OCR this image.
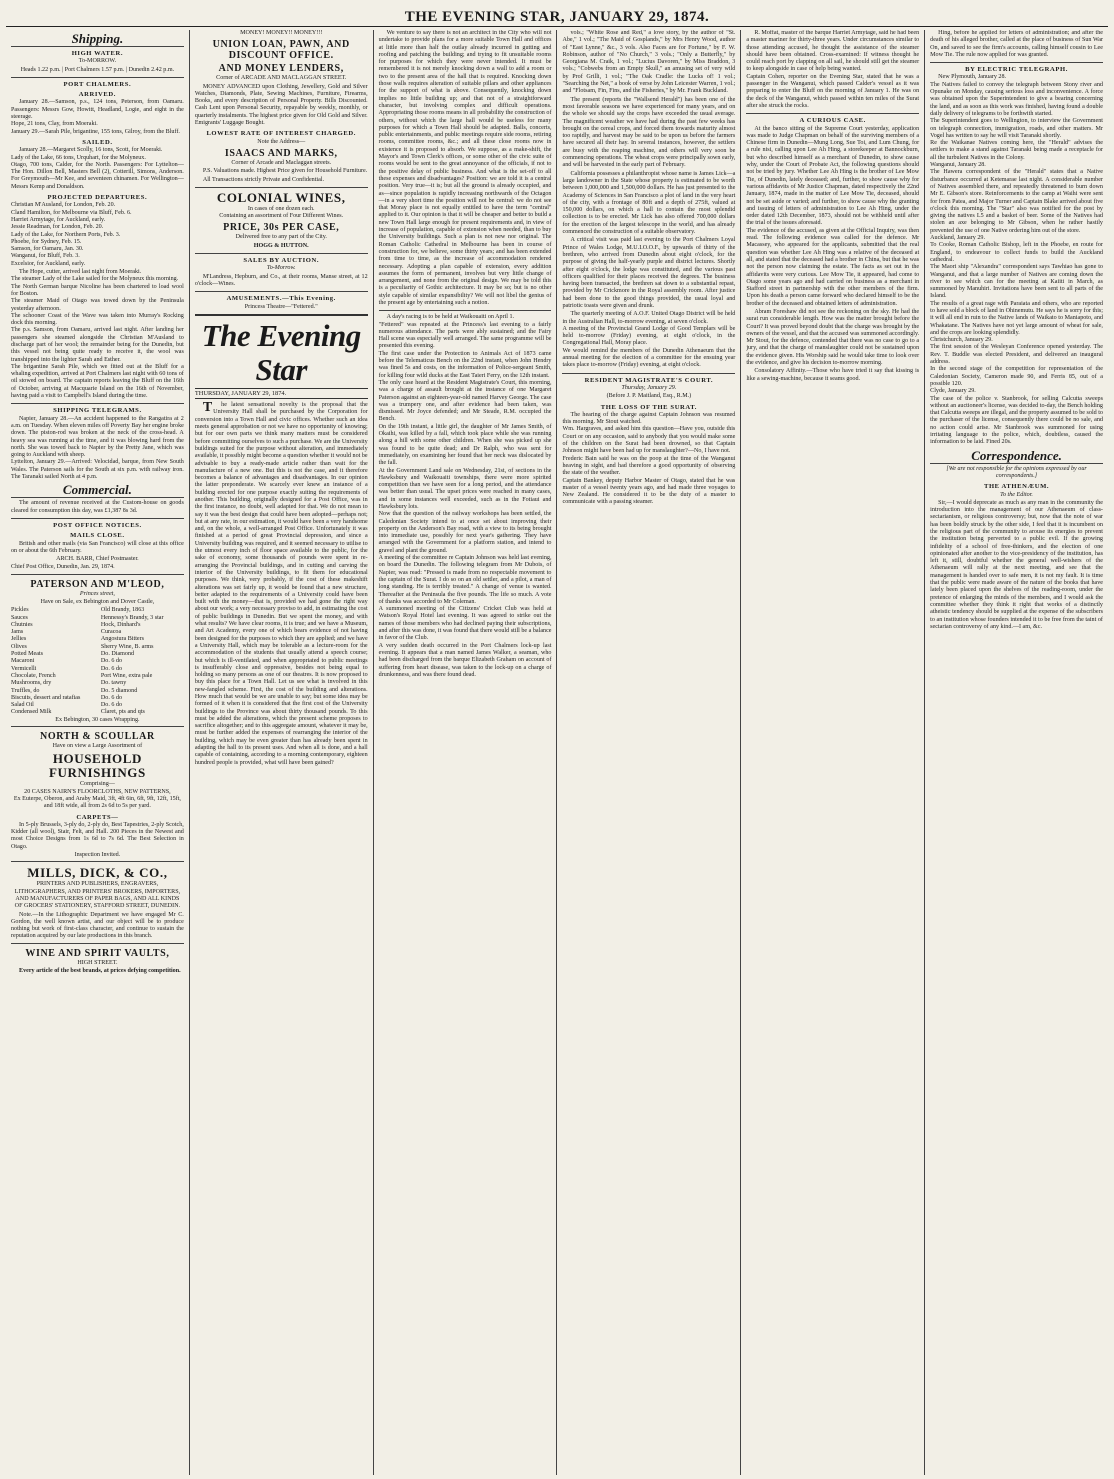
THE EVENING STAR, JANUARY 29, 1874.

Shipping.
HIGH WATER.

To-MORROW.

Heads 1.22 p.m. | Port Chalmers 1.57 p.m. | Dunedin 2.42 p.m.

PORT CHALMERS.
ARRIVED.

January 28.—Samson, p.s., 124 tons, Peterson, from Oamaru. Passengers: Messrs Gow, Howitt, Headland, Logie, and eight in the steerage.
Hope, 21 tons, Clay, from Moeraki.
January 29.—Sarah Pile, brigantine, 155 tons, Gilroy, from the Bluff.

SAILED.

January 28.—Margaret Scolly, 16 tons, Scott, for Moeraki.
Lady of the Lake, 66 tons, Urquhart, for the Molyneux.
Otago, 700 tons, Calder, for the North. Passengers: For Lyttelton—The Hon. Dillon Bell, Masters Bell (2), Cotterill, Simons, Anderson. For Greymouth—Mr Kee, and seventeen chinamen. For Wellington—Messrs Kemp and Donaldson.

PROJECTED DEPARTURES.

Christian M'Ausland, for London, Feb. 20.
Cland Hamilton, for Melbourne via Bluff, Feb. 6.
Harriet Armytage, for Auckland, early.
Jessie Readman, for London, Feb. 20.
Lady of the Lake, for Northern Ports, Feb. 3.
Phoebe, for Sydney, Feb. 15.
Samson, for Oamaru, Jan. 30.
Wanganui, for Bluff, Feb. 3.
Excelsior, for Auckland, early.

The Hope, cutter, arrived last night from Moeraki.
The steamer Lady of the Lake sailed for the Molyneux this morning.
The North German barque Nicoline has been chartered to load wool for Boston.
The steamer Maid of Otago was towed down by the Peninsula yesterday afternoon.
The schooner Coast of the Wave was taken into Murray's Rocking dock this morning.
The p.s. Samson, from Oamaru, arrived last night. After landing her passengers she steamed alongside the Christian M'Ausland to discharge part of her wool; the remainder being for the Dunedin, but this vessel not being quite ready to receive it, the wool was transhipped into the lighter Sarah and Esther.
The brigantine Sarah Pile, which we fitted out at the Bluff for a whaling expedition, arrived at Port Chalmers last night with 60 tons of oil stowed on board. The captain reports leaving the Bluff on the 16th of October, arriving at Macquarie Island on the 16th of November, having paid a visit to Campbell's Island during the time.

SHIPPING TELEGRAMS.

Napier, January 28.—An accident happened to the Rangatira at 2 a.m. on Tuesday. When eleven miles off Poverty Bay her engine broke down. The piston-rod was broken at the neck of the cross-head. A heavy sea was running at the time, and it was blowing hard from the north. She was towed back to Napier by the Pretty Jane, which was going to Auckland with sheep.
Lyttelton, January 29.—Arrived: Velocidad, barque, from New South Wales. The Paterson sails for the South at six p.m. with railway iron. The Taranaki sailed North at 4 p.m.

Commercial.

The amount of revenue received at the Custom-house on goods cleared for consumption this day, was £1,387 8s 3d.

POST OFFICE NOTICES.
MAILS CLOSE.

British and other mails (via San Francisco) will close at this office on or about the 6th February.

ARCH. BARR, Chief Postmaster.

Chief Post Office, Dunedin, Jan. 29, 1874.

PATERSON AND M'LEOD,

Princes street,

Have on Sale, ex Bebington and Dover Castle,

Pickles
Sauces
Chutnies
Jams
Jellies
Olives
Potted Meats
Macaroni
Vermicelli
Chocolate, French
Mushrooms, dry
Truffles, do
Biscuits, dessert and ratafias
Salad Oil
Condensed Milk
Old Brandy, 1863
Hennessy's Brandy, 3 star
Hock, Dinhard's
Curacoa
Angostura Bitters
Sherry Wine, B. arms
Do. Diamond
Do. 6 do
Do. 6 do
Port Wine, extra pale
Do. tawny
Do. 5 diamond
Do. 6 do
Do. 6 do
Claret, pts and qts

Ex Bebington, 30 cases Wrapping.

NORTH & SCOULLAR

Have on view a Large Assortment of

HOUSEHOLD FURNISHINGS

Comprising—
20 CASES NAIRN'S FLOORCLOTHS, NEW PATTERNS,
Ex Euterpe, Oberon, and Araby Maid, 3ft, 4ft 6in, 6ft, 9ft, 12ft, 15ft, and 18ft wide, all from 2s 6d to 5s per yard.

CARPETS—

In 5-ply Brussels, 3-ply do, 2-ply do, Best Tapestries, 2-ply Scotch, Kidder (all wool), Stair, Felt, and Hall. 200 Pieces in the Newest and most Choice Designs from 1s 6d to 7s 6d. The Best Selection in Otago.

Inspection Invited.

MILLS, DICK, & CO.,

PRINTERS AND PUBLISHERS, ENGRAVERS, LITHOGRAPHERS, AND PRINTERS' BROKERS, IMPORTERS, AND MANUFACTURERS OF PAPER BAGS, AND ALL KINDS OF GROCERS' STATIONERY, STAFFORD STREET, DUNEDIN.

Note.—In the Lithographic Department we have engaged Mr C. Gordon, the well known artist, and our object will be to produce nothing but work of first-class character, and continue to sustain the reputation acquired by our late productions in this branch.

WINE AND SPIRIT VAULTS,

HIGH STREET.

Every article of the best brands, at prices defying competition.

MONEY! MONEY!! MONEY!!!

UNION LOAN, PAWN, AND DISCOUNT OFFICE.
AND MONEY LENDERS,

Corner of ARCADE AND MACLAGGAN STREET.

MONEY ADVANCED upon Clothing, Jewellery, Gold and Silver Watches, Diamonds, Plate, Sewing Machines, Furniture, Firearms, Books, and every description of Personal Property. Bills Discounted. Cash Lent upon Personal Security, repayable by weekly, monthly, or quarterly instalments. The highest price given for Old Gold and Silver. Emigrants' Luggage Bought.

LOWEST RATE OF INTEREST CHARGED.

Note the Address—

ISAACS AND MARKS,

Corner of Arcade and Maclaggan streets.

P.S. Valuations made. Highest Price given for Household Furniture.

All Transactions strictly Private and Confidential.

COLONIAL WINES,

In cases of one dozen each.
Containing an assortment of Four Different Wines.

PRICE, 30s PER CASE,

Delivered free to any part of the City.

HOGG & HUTTON.

SALES BY AUCTION.

To-Morrow.

M'Landress, Hepburn, and Co., at their rooms, Manse street, at 12 o'clock—Wines.

AMUSEMENTS.—This Evening.

Princess Theatre—"Fettered."

The Evening Star
THURSDAY, JANUARY 29, 1874.

The latest sensational novelty is the proposal that the University Hall shall be purchased by the Corporation for conversion into a Town Hall and civic offices. Whether such an idea meets general approbation or not we have no opportunity of knowing; but for our own parts we think many matters must be considered before committing ourselves to such a purchase. We are the University buildings suited for the purpose without alteration, and immediately available, it possibly might become a question whether it would not be advisable to buy a ready-made article rather than wait for the manufacture of a new one. But this is not the case, and it therefore becomes a balance of advantages and disadvantages. In our opinion the latter preponderate. We scarcely ever knew an instance of a building erected for one purpose exactly suiting the requirements of another. This building, originally designed for a Post Office, was in the first instance, no doubt, well adapted for that. We do not mean to say it was the best design that could have been adopted—perhaps not; but at any rate, in our estimation, it would have been a very handsome and, on the whole, a well-arranged Post Office. Unfortunately it was finished at a period of great Provincial depression, and since a University building was required, and it seemed necessary to utilise to the utmost every inch of floor space available to the public, for the sake of economy, some thousands of pounds were spent in re-arranging the Provincial buildings, and in cutting and carving the interior of the University buildings, to fit them for educational purposes. We think, very probably, if the cost of these makeshift alterations was set fairly up, it would be found that a new structure, better adapted to the requirements of a University could have been built with the money—that is, provided we had gone the right way about our work; a very necessary proviso to add, in estimating the cost of public buildings in Dunedin. But we spent the money, and with what results? We have clear rooms, it is true; and we have a Museum, and Art Academy, every one of which bears evidence of not having been designed for the purposes to which they are applied; and we have a University Hall, which may be tolerable as a lecture-room for the accommodation of the students that usually attend a speech course; but which is ill-ventilated, and when appropriated to public meetings is insufferably close and oppressive, besides not being equal to holding so many persons as one of our theatres. It is now proposed to buy this place for a Town Hall. Let us see what is involved in this new-fangled scheme. First, the cost of the building and alterations. How much that would be we are unable to say; but some idea may be formed of it when it is considered that the first cost of the University buildings to the Province was about thirty thousand pounds. To this must be added the alterations, which the present scheme proposes to sacrifice altogether; and to this aggregate amount, whatever it may be, must be further added the expenses of rearranging the interior of the building, which may be even greater than has already been spent in adapting the hall to its present uses. And when all is done, and a hall capable of containing, according to a morning contemporary, eighteen hundred people is provided, what will have been gained?

We venture to say there is not an architect in the City who will not undertake to provide plans for a more suitable Town Hall and offices at little more than half the outlay already incurred in gutting and roofing and patching the building; and trying to fit unsuitable rooms for purposes for which they were never intended. It must be remembered it is not merely knocking down a wall to add a room or two to the present area of the hall that is required. Knocking down those walls requires alteration of suitable pillars and other appliances for the support of what is above. Consequently, knocking down implies no little building up; and that not of a straightforward character, but involving complex and difficult operations. Appropriating those rooms means in all probability the construction of others, without which the large hall would be useless for many purposes for which a Town Hall should be adapted. Balls, concerts, public entertainments, and public meetings require side rooms, retiring rooms, committee rooms, &c.; and all these close rooms now in existence it is proposed to absorb. We suppose, as a make-shift, the Mayor's and Town Clerk's offices, or some other of the civic suite of rooms would be sent to the great annoyance of the officials, if not to the positive delay of public business. And what is the set-off to all these expenses and disadvantages? Position: we are told it is a central position. Very true—it is; but all the ground is already occupied, and as—since population is rapidly increasing northwards of the Octagon—in a very short time the position will not be central: we do not see that Moray place is not equally entitled to have the term "central" applied to it. Our opinion is that it will be cheaper and better to build a new Town Hall large enough for present requirements and, in view of increase of population, capable of extension when needed, than to buy the University buildings. Such a plan is not new nor original. The Roman Catholic Cathedral in Melbourne has been in course of construction for, we believe, some thirty years; and has been extended from time to time, as the increase of accommodation rendered necessary. Adopting a plan capable of extension, every addition assumes the form of permanent, involves but very little change of arrangement, and none from the original design. We may be told this is a peculiarity of Gothic architecture. It may be so; but is no other style capable of similar expansibility? We will not libel the genius of the present age by entertaining such a notion.

A day's racing is to be held at Waikouaiti on April 1.
"Fettered" was repeated at the Princess's last evening to a fairly numerous attendance. The parts were ably sustained; and the Fairy Hall scene was especially well arranged. The same programme will be presented this evening.
The first case under the Protection to Animals Act of 1873 came before the Telematicus Bench on the 22nd instant, when John Hendry was fined 5s and costs, on the information of Police-sergeant Smith, for killing four wild ducks at the East Taieri Ferry, on the 12th instant.
The only case heard at the Resident Magistrate's Court, this morning, was a charge of assault brought at the instance of one Margaret Paterson against an eighteen-year-old named Harvey George. The case was a trumpery one, and after evidence had been taken, was dismissed. Mr Joyce defended; and Mr Steade, R.M. occupied the Bench.
On the 19th instant, a little girl, the daughter of Mr James Smith, of Okaihi, was killed by a fall, which took place while she was running along a hill with some other children. When she was picked up she was found to be quite dead; and Dr Ralph, who was sent for immediately, on examining her found that her neck was dislocated by the fall.
At the Government Land sale on Wednesday, 21st, of sections in the Hawksbury and Waikouaiti townships, there were more spirited competition than we have seen for a long period, and the attendance was better than usual. The upset prices were reached in many cases, and in some instances well exceeded, such as in the Fotiaui and Hawksbury lots.
Now that the question of the railway workshops has been settled, the Caledonian Society intend to at once set about improving their property on the Anderson's Bay road, with a view to its being brought into immediate use, possibly for next year's gathering. They have arranged with the Government for a platform station, and intend to gravel and plant the ground.
A meeting of the committee re Captain Johnson was held last evening, on board the Dunedin. The following telegram from Mr Dubois, of Napier, was read: "Pressed is made from no respectable movement to the captain of the Surat. I do so on an old settler, and a pilot, a man of long standing. He is terribly treated." A change of venue is wanted. Thereafter at the Peninsula the five pounds. The life so much. A vote of thanks was accorded to Mr Coleman.
A summoned meeting of the Citizens' Cricket Club was held at Watson's Royal Hotel last evening. It was agreed to strike out the names of those members who had declined paying their subscriptions, and after this was done, it was found that there would still be a balance in favor of the Club.
A very sudden death occurred in the Port Chalmers lock-up last evening. It appears that a man named James Walker, a seaman, who had been discharged from the barque Elizabeth Graham on account of suffering from heart disease, was taken to the lock-up on a charge of drunkenness, and was there found dead.

vols.; "White Rose and Red," a love story, by the author of "St. Abe," 1 vol.; "The Maid of Gosplands," by Mrs Henry Wood, author of "East Lynne," &c., 3 vols. Also Faces are for Fortune," by F. W. Robinson, author of "No Church," 3 vols.; "Only a Butterfly," by Georgiana M. Craik, 1 vol.; "Lucius Davoren," by Miss Braddon, 3 vols.; "Cobwebs from an Empty Skull," an amusing set of very wild by Prof Grilli, 1 vol.; "The Oak Cradle: the Lucks of! 1 vol.; "Searching the Net," a book of verse by John Leicester Warren, 1 vol.; and "Flotsam, Fin, Fins, and the Fisheries," by Mr. Frank Buckland.

The present (reports the "Wallsend Herald") has been one of the most favorable seasons we have experienced for many years, and on the whole we should say the crops have exceeded the usual average. The magnificent weather we have had during the past few weeks has brought on the cereal crops, and forced them towards maturity almost too rapidly, and harvest may be said to be upon us before the farmers have secured all their hay. In several instances, however, the settlers are busy with the reaping machine, and others will very soon be commencing operations. The wheat crops were principally sown early, and will be harvested in the early part of February.

California possesses a philanthropist whose name is James Lick—a large landowner in the State whose property is estimated to be worth between 1,000,000 and 1,500,000 dollars. He has just presented to the Academy of Sciences in San Francisco a plot of land in the very heart of the city, with a frontage of 80ft and a depth of 275ft, valued at 150,000 dollars, on which a hall to contain the most splendid collection is to be erected. Mr Lick has also offered 700,000 dollars for the erection of the largest telescope in the world, and has already commenced the construction of a suitable observatory.

A critical visit was paid last evening to the Port Chalmers Loyal Prince of Wales Lodge, M.U.I.O.O.F., by upwards of thirty of the brethren, who arrived from Dunedin about eight o'clock, for the purpose of giving the half-yearly purple and district lectures. Shortly after eight o'clock, the lodge was constituted, and the various past officers qualified for their places received the degrees. The business having been transacted, the brethren sat down to a substantial repast, provided by Mr Crickmore in the Royal assembly room. After justice had been done to the good things provided, the usual loyal and patriotic toasts were given and drunk.

The quarterly meeting of A.O.F. United Otago District will be held in the Australian Hall, to-morrow evening, at seven o'clock.
A meeting of the Provincial Grand Lodge of Good Templars will be held to-morrow (Friday) evening, at eight o'clock, in the Congregational Hall, Moray place.
We would remind the members of the Dunedin Athenaeum that the annual meeting for the election of a committee for the ensuing year takes place to-morrow (Friday) evening, at eight o'clock.

RESIDENT MAGISTRATE'S COURT.

Thursday, January 29.

(Before J. P. Maitland, Esq., R.M.)

THE LOSS OF THE SURAT.

The hearing of the charge against Captain Johnson was resumed this morning. Mr Stout watched.
Wm. Hargraves, and asked him this question—Have you, outside this Court or on any occasion, said to anybody that you would make some of the children on the Surat had been drowned, so that Captain Johnson might have been had up for manslaughter?—No, I have not.
Frederic Bain said he was on the poop at the time of the Wanganui heaving in sight, and had therefore a good opportunity of observing the state of the weather.
Captain Bankey, deputy Harbor Master of Otago, stated that he was master of a vessel twenty years ago, and had made three voyages to New Zealand. He considered it to be the duty of a master to communicate with a passing steamer.

R. Moffat, master of the barque Harriet Armytage, said he had been a master mariner for thirty-three years. Under circumstances similar to those attending accused, he thought the assistance of the steamer should have been obtained. Cross-examined: If witness thought he could reach port by clapping on all sail, he should still get the steamer to keep alongside in case of help being wanted.
Captain Cohen, reporter on the Evening Star, stated that he was a passenger in the Wanganui, which passed Calder's vessel as it was preparing to enter the Bluff on the morning of January 1. He was on the deck of the Wanganui, which passed within ten miles of the Surat after she struck the rocks.

A CURIOUS CASE.

At the banco sitting of the Supreme Court yesterday, application was made to Judge Chapman on behalf of the surviving members of a Chinese firm in Dunedin—Mung Long, Sue Toi, and Lum Chung, for a rule nisi, calling upon Lee Ah Hing, a storekeeper at Bannockburn, but who described himself as a merchant of Dunedin, to show cause why, under the Court of Probate Act, the following questions should not be tried by jury. Whether Lee Ah Hing is the brother of Lee Mow Tie, of Dunedin, lately deceased; and, further, to show cause why for various affidavits of Mr Justice Chapman, dated respectively the 22nd January, 1874, made in the matter of Lee Mow Tie, deceased, should not be set aside or varied; and further, to show cause why the granting and issuing of letters of administration to Lee Ah Hing, under the order dated 12th December, 1873, should not be withheld until after the trial of the issues aforesaid.
The evidence of the accused, as given at the Official Inquiry, was then read. The following evidence was called for the defence. Mr Macassey, who appeared for the applicants, submitted that the real question was whether Lee Ah Hing was a relative of the deceased at all, and stated that the deceased had a brother in China, but that he was not the person now claiming the estate. The facts as set out in the affidavits were very curious. Lee Mow Tie, it appeared, had come to Otago some years ago and had carried on business as a merchant in Stafford street in partnership with the other members of the firm. Upon his death a person came forward who declared himself to be the brother of the deceased and obtained letters of administration.

Abram Foreshaw did not see the reckoning on the sky. He had the surat run considerable length. How was the matter brought before the Court? It was proved beyond doubt that the charge was brought by the owners of the vessel, and that the accused was summoned accordingly. Mr Stout, for the defence, contended that there was no case to go to a jury, and that the charge of manslaughter could not be sustained upon the evidence given. His Worship said he would take time to look over the evidence, and give his decision to-morrow morning.

Consolatory Affinity.—Those who have tried it say that kissing is like a sewing-machine, because it seams good.

Hing, before he applied for letters of administration; and after the death of his alleged brother, called at the place of business of Sun War On, and saved to see the firm's accounts, calling himself cousin to Lee Mow Tie. The rule now applied for was granted.

BY ELECTRIC TELEGRAPH.

New Plymouth, January 28.
The Natives failed to convey the telegraph between Stony river and Opunake on Monday, causing serious loss and inconvenience. A force was obtained upon the Superintendent to give a bearing concerning the land, and as soon as this work was finished, having found a double daily delivery of telegrams to be forthwith started.
The Superintendent goes to Wellington, to interview the Government on telegraph connection, immigration, roads, and other matters. Mr Vogel has written to say he will visit Taranaki shortly.
Re the Waikanae Natives coming here, the "Herald" advises the settlers to make a stand against Taranaki being made a receptacle for all the turbulent Natives in the Colony.
Wanganui, January 28.
The Hawera correspondent of the "Herald" states that a Native disturbance occurred at Ketemarae last night. A considerable number of Natives assembled there, and repeatedly threatened to burn down Mr E. Gibson's store. Reinforcements to the camp at Waihi were sent for from Patea, and Major Turner and Captain Blake arrived about five o'clock this morning. The "Star" also was notified for the post by giving the natives L5 and a basket of beer. Some of the Natives had stolen an axe belonging to Mr Gibson, when he rather hastily prevented the use of one Native ordering him out of the store.
Auckland, January 29.
To Cooke, Roman Catholic Bishop, left in the Phoebe, en route for England, to endeavour to collect funds to build the Auckland cathedral.
The Maori ship "Alexandra" correspondent says Tawhiao has gone to Wanganui, and that a large number of Natives are coming down the river to see which can for the meeting at Kaiiti in March, as summoned by Manuhiri. Invitations have been sent to all parts of the Island.
The results of a great rage with Paraiata and others, who are reported to have sold a block of land in Ohinemutu. He says he is sorry for this; it will all end in ruin to the Native lands of Waikato to Maniapoto, and Whakatane. The Natives have not yet large amount of wheat for sale, and the crops are looking splendidly.
Christchurch, January 29.
The first session of the Wesleyan Conference opened yesterday. The Rev. T. Buddle was elected President, and delivered an inaugural address.
In the second stage of the competition for representation of the Caledonian Society, Cameron made 90, and Ferris 85, out of a possible 120.
Clyde, January 29.
The case of the police v. Stanbrook, for selling Calcutta sweeps without an auctioneer's license, was decided to-day, the Bench holding that Calcutta sweeps are illegal, and the property assumed to be sold to the purchaser of the license, consequently there could be no sale, and no action could arise. Mr Stanbrook was summoned for using irritating language to the police, which, doubtless, caused the information to be laid. Fined 20s.

Correspondence.

[We are not responsible for the opinions expressed by our correspondents.]

THE ATHENÆUM.

To the Editor.

Sir,—I would deprecate as much as any man in the community the introduction into the management of our Athenaeum of class-sectarianism, or religious controversy; but, now that the note of war has been boldly struck by the other side, I feel that it is incumbent on the religious part of the community to arouse its energies to prevent the institution being perverted to a public evil. If the growing infidelity of a school of free-thinkers, and the election of one opinionated after another to the vice-presidency of the institution, has left it, still, doubtful whether the general well-wishers of the Athenaeum will rally at the next meeting, and see that the management is handed over to safe men, it is not my fault. It is time that the public were made aware of the nature of the books that have lately been placed upon the shelves of the reading-room, under the pretence of enlarging the minds of the members, and I would ask the committee whether they think it right that works of a distinctly atheistic tendency should be supplied at the expense of the subscribers to an institution whose founders intended it to be free from the taint of sectarian controversy of any kind.—I am, &c.
